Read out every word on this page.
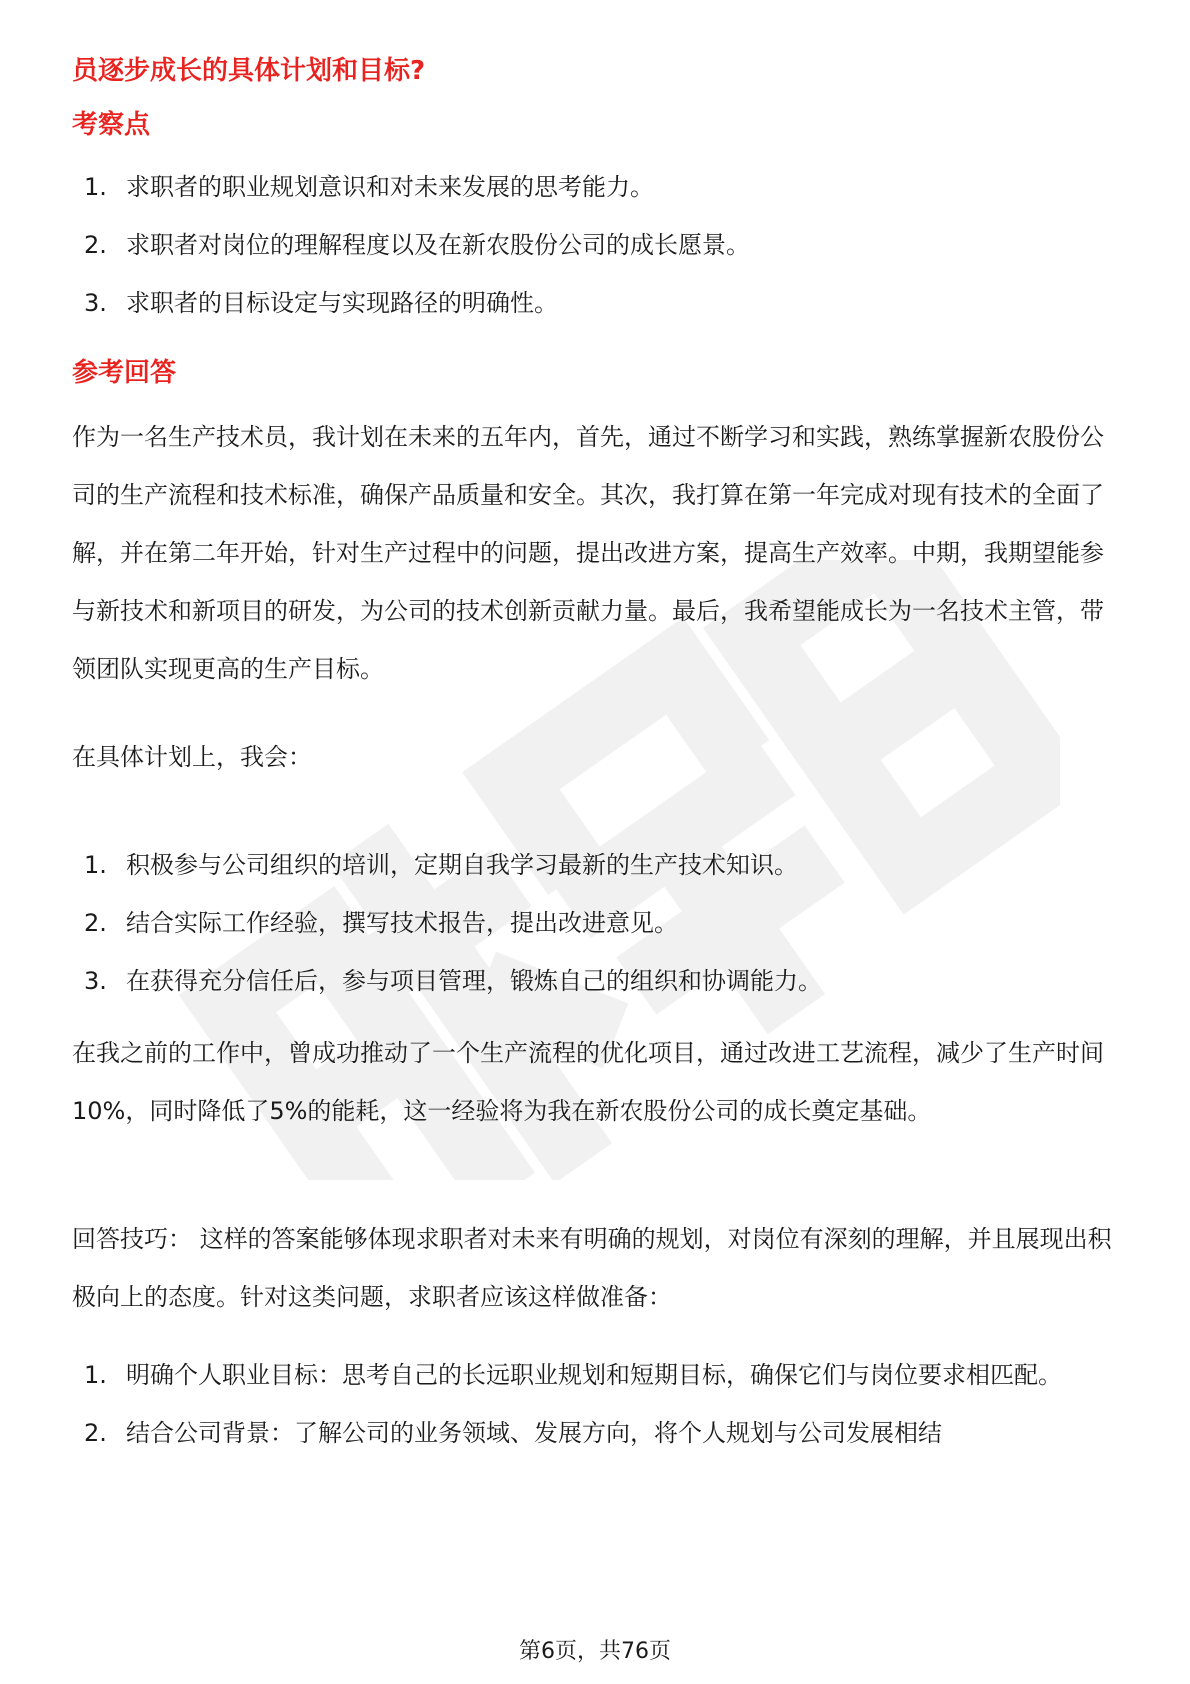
员逐步成长的具体计划和目标?
考察点
1. 求职者的职业规划意识和对未来发展的思考能力。
2. 求职者对岗位的理解程度以及在新农股份公司的成长愿景。
3. 求职者的目标设定与实现路径的明确性。
参考回答

作为一名生产技术员，我计划在未来的五年内，首先，通过不断学习和实践，熟练掌握新农股份公司的生产流程和技术标准，确保产品质量和安全。其次，我打算在第一年完成对现有技术的全面了解，并在第二年开始，针对生产过程中的问题，提出改进方案，提高生产效率。中期，我期望能参与新技术和新项目的研发，为公司的技术创新贡献力量。最后，我希望能成长为一名技术主管，带领团队实现更高的生产目标。

在具体计划上，我会：

1. 积极参与公司组织的培训，定期自我学习最新的生产技术知识。
2. 结合实际工作经验，撰写技术报告，提出改进意见。
3. 在获得充分信任后，参与项目管理，锻炼自己的组织和协调能力。

在我之前的工作中，曾成功推动了一个生产流程的优化项目，通过改进工艺流程，减少了生产时间10%，同时降低了5%的能耗，这一经验将为我在新农股份公司的成长奠定基础。

回答技巧： 这样的答案能够体现求职者对未来有明确的规划，对岗位有深刻的理解，并且展现出积极向上的态度。针对这类问题，求职者应该这样做准备：

1. 明确个人职业目标：思考自己的长远职业规划和短期目标，确保它们与岗位要求相匹配。
2. 结合公司背景：了解公司的业务领域、发展方向，将个人规划与公司发展相结

第6页，共76页
